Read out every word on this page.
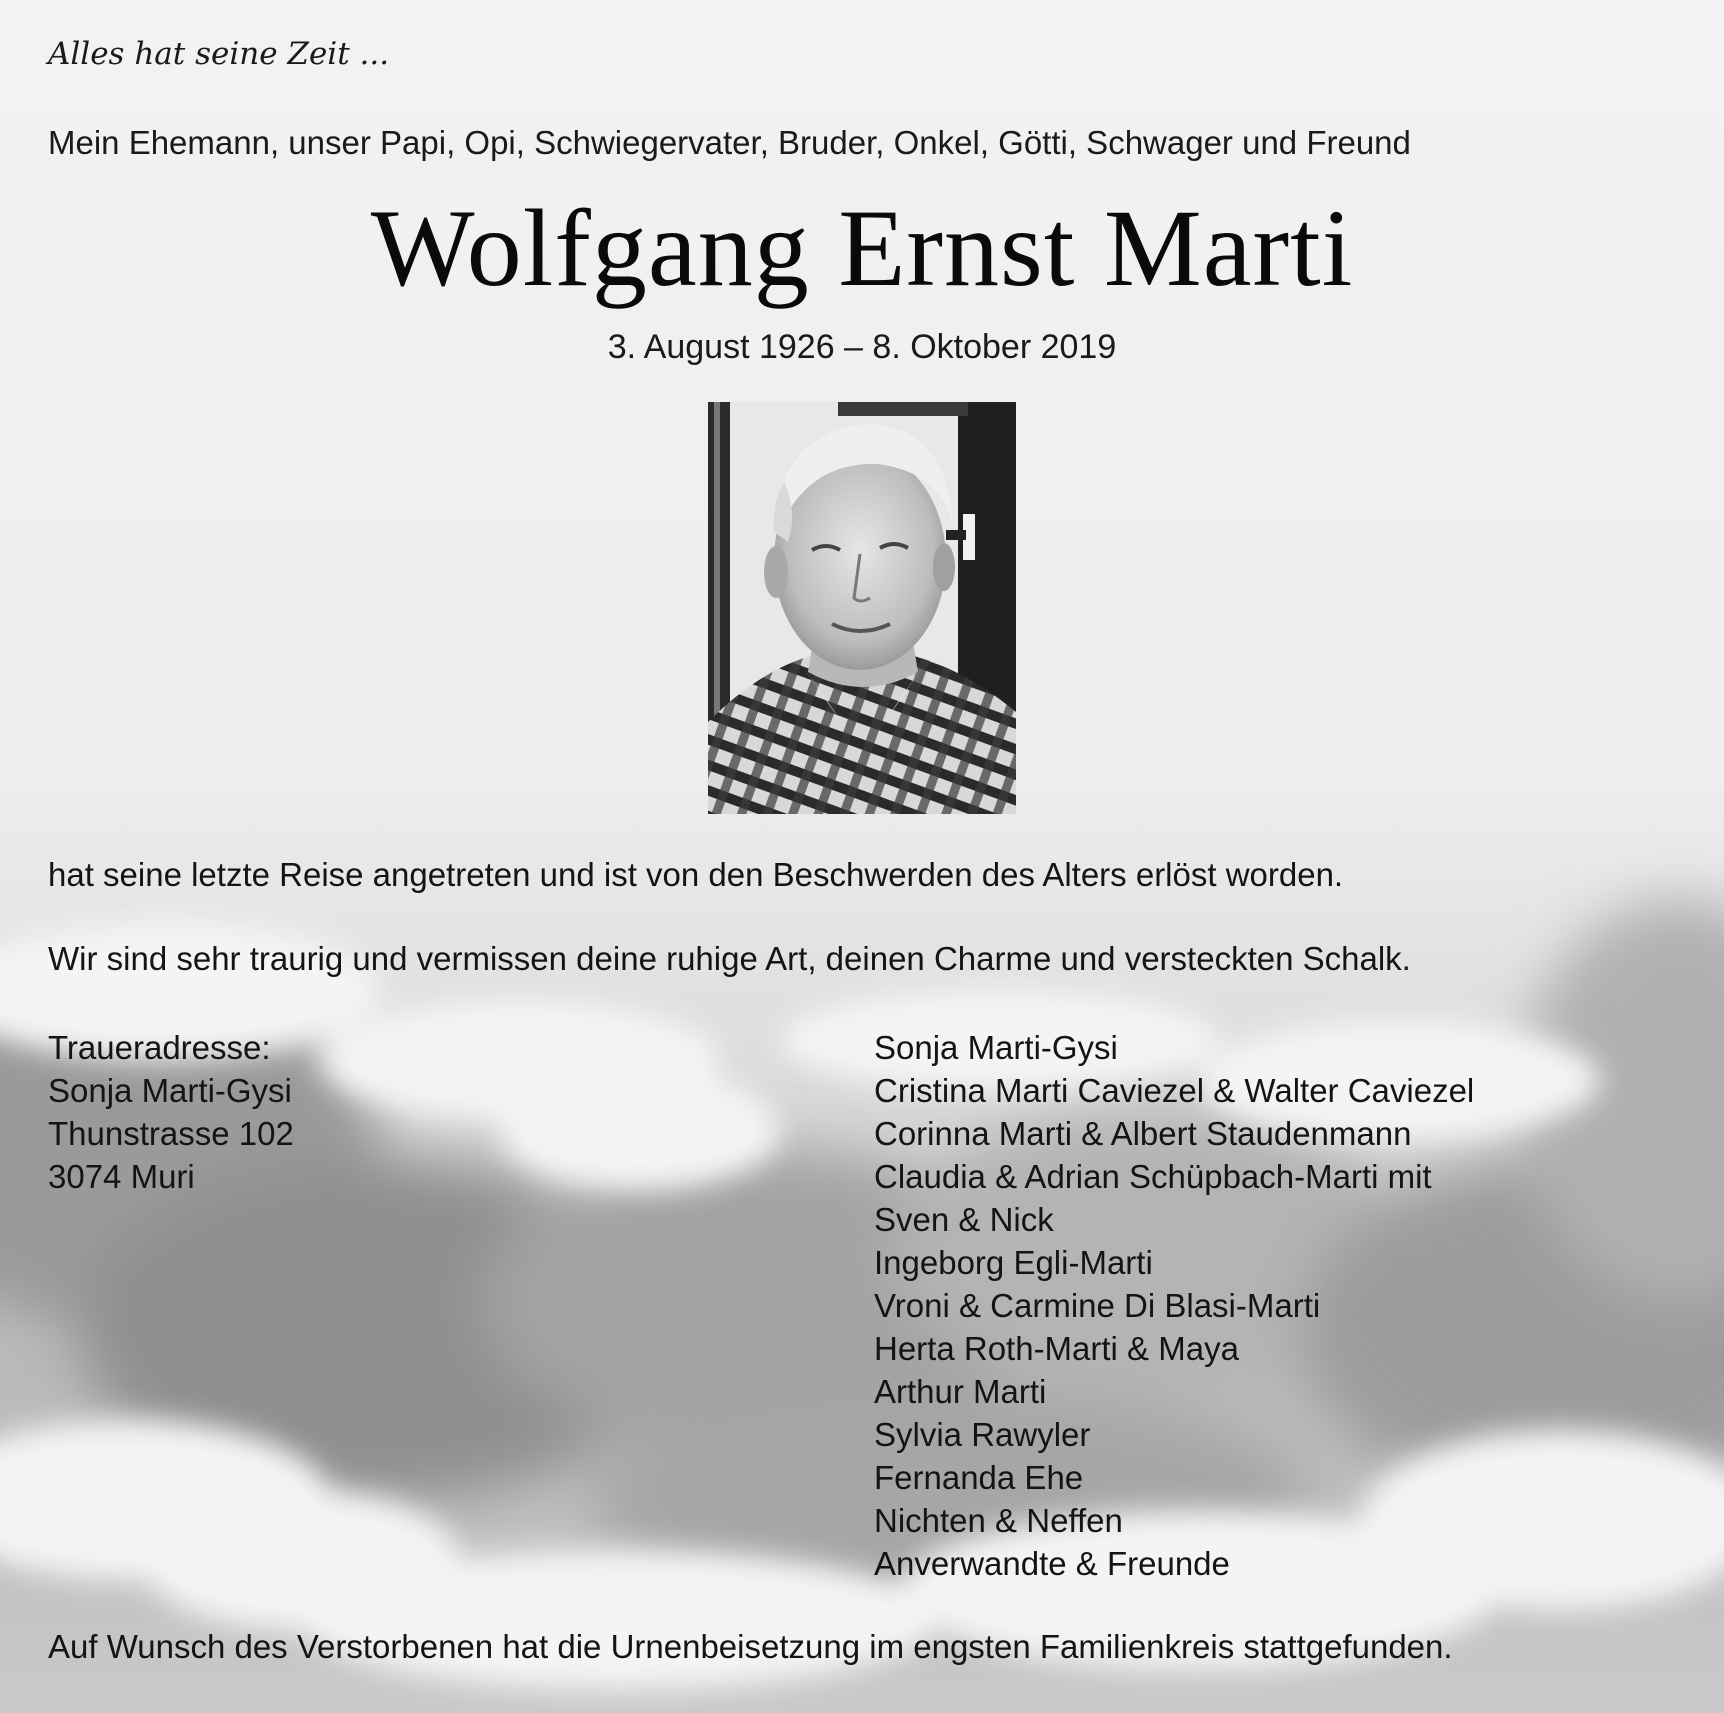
Alles hat seine Zeit ...
Mein Ehemann, unser Papi, Opi, Schwiegervater, Bruder, Onkel, Götti, Schwager und Freund
Wolfgang Ernst Marti
3. August 1926 – 8. Oktober 2019
hat seine letzte Reise angetreten und ist von den Beschwerden des Alters erlöst worden.
Wir sind sehr traurig und vermissen deine ruhige Art, deinen Charme und versteckten Schalk.
Traueradresse:
Sonja Marti-Gysi
Thunstrasse 102
3074 Muri
Sonja Marti-Gysi
Cristina Marti Caviezel & Walter Caviezel
Corinna Marti & Albert Staudenmann
Claudia & Adrian Schüpbach-Marti mit
Sven & Nick
Ingeborg Egli-Marti
Vroni & Carmine Di Blasi-Marti
Herta Roth-Marti & Maya
Arthur Marti
Sylvia Rawyler
Fernanda Ehe
Nichten & Neffen
Anverwandte & Freunde
Auf Wunsch des Verstorbenen hat die Urnenbeisetzung im engsten Familienkreis stattgefunden.
